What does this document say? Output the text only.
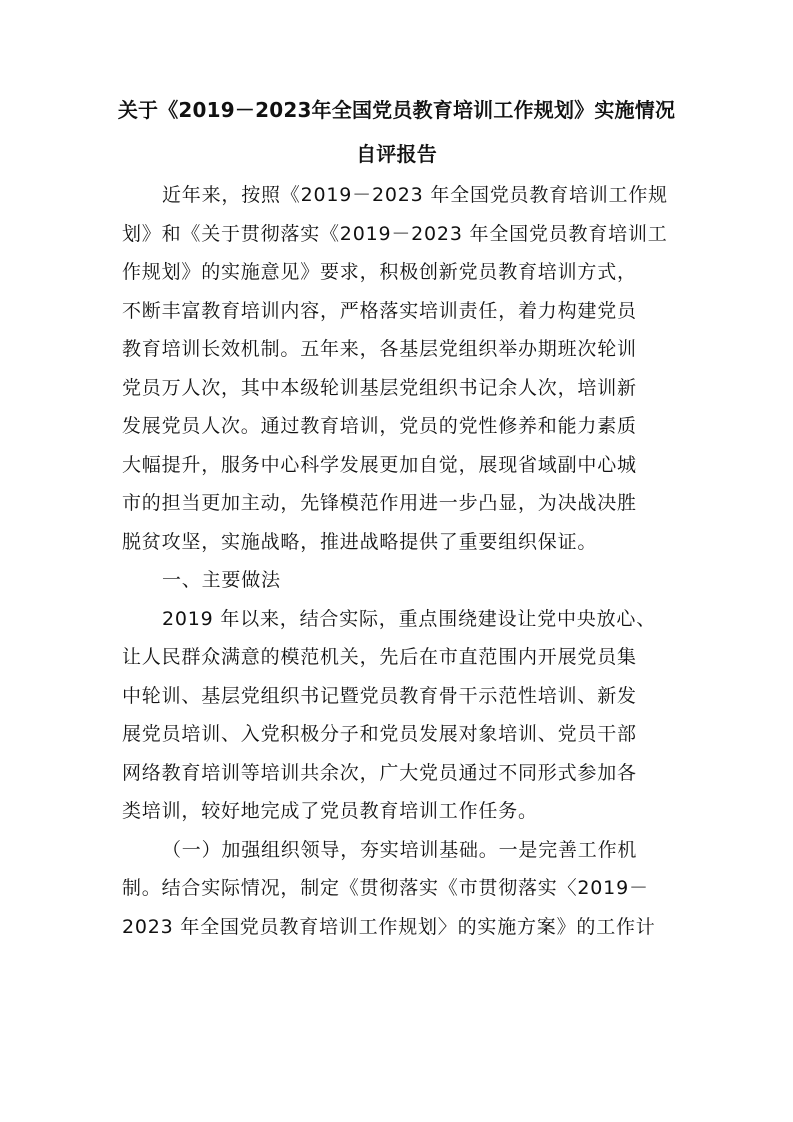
关于《2019－2023年全国党员教育培训工作规划》实施情况
自评报告
近年来，按照《2019－2023 年全国党员教育培训工作规
划》和《关于贯彻落实《2019－2023 年全国党员教育培训工
作规划》的实施意见》要求，积极创新党员教育培训方式，
不断丰富教育培训内容，严格落实培训责任，着力构建党员
教育培训长效机制。五年来，各基层党组织举办期班次轮训
党员万人次，其中本级轮训基层党组织书记余人次，培训新
发展党员人次。通过教育培训，党员的党性修养和能力素质
大幅提升，服务中心科学发展更加自觉，展现省域副中心城
市的担当更加主动，先锋模范作用进一步凸显，为决战决胜
脱贫攻坚，实施战略，推进战略提供了重要组织保证。
一、主要做法
2019 年以来，结合实际，重点围绕建设让党中央放心、
让人民群众满意的模范机关，先后在市直范围内开展党员集
中轮训、基层党组织书记暨党员教育骨干示范性培训、新发
展党员培训、入党积极分子和党员发展对象培训、党员干部
网络教育培训等培训共余次，广大党员通过不同形式参加各
类培训，较好地完成了党员教育培训工作任务。
（一）加强组织领导，夯实培训基础。一是完善工作机
制。结合实际情况，制定《贯彻落实《市贯彻落实〈2019－
2023 年全国党员教育培训工作规划〉的实施方案》的工作计
